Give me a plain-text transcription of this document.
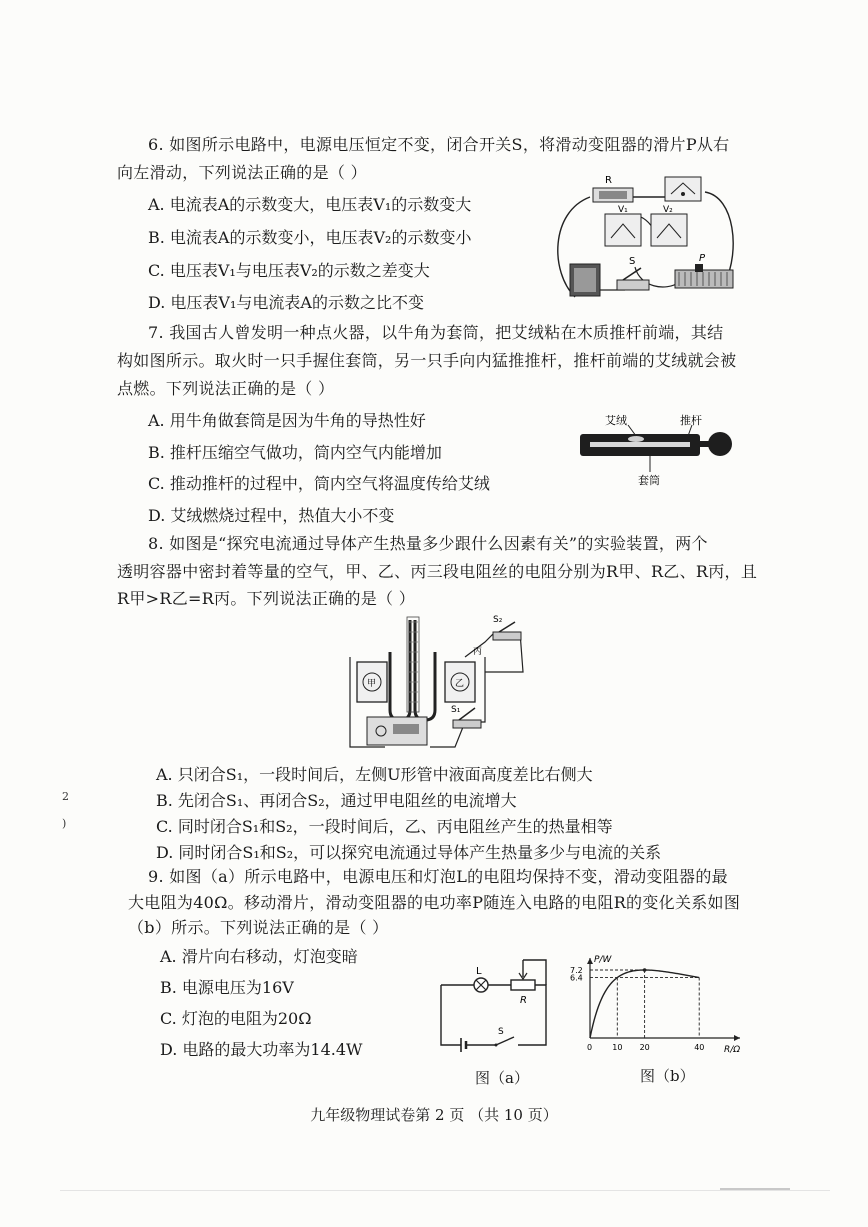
6. 如图所示电路中，电源电压恒定不变，闭合开关S，将滑动变阻器的滑片P从右
向左滑动，下列说法正确的是（ ）
A. 电流表A的示数变大，电压表V₁的示数变大
B. 电流表A的示数变小，电压表V₂的示数变小
C. 电压表V₁与电压表V₂的示数之差变大
D. 电压表V₁与电流表A的示数之比不变
R
V₁	V₂
S	P
7. 我国古人曾发明一种点火器，以牛角为套筒，把艾绒粘在木质推杆前端，其结
构如图所示。取火时一只手握住套筒，另一只手向内猛推推杆，推杆前端的艾绒就会被
点燃。下列说法正确的是（ ）
A. 用牛角做套筒是因为牛角的导热性好
B. 推杆压缩空气做功，筒内空气内能增加
C. 推动推杆的过程中，筒内空气将温度传给艾绒
D. 艾绒燃烧过程中，热值大小不变
艾绒	推杆
套筒
8. 如图是“探究电流通过导体产生热量多少跟什么因素有关”的实验装置，两个
透明容器中密封着等量的空气，甲、乙、丙三段电阻丝的电阻分别为R甲、R乙、R丙，且
R甲>R乙=R丙。下列说法正确的是（ ）
甲	乙
S₁
S₂
丙
A. 只闭合S₁，一段时间后，左侧U形管中液面高度差比右侧大
B. 先闭合S₁、再闭合S₂，通过甲电阻丝的电流增大
C. 同时闭合S₁和S₂，一段时间后，乙、丙电阻丝产生的热量相等
D. 同时闭合S₁和S₂，可以探究电流通过导体产生热量多少与电流的关系
2
)
9. 如图（a）所示电路中，电源电压和灯泡L的电阻均保持不变，滑动变阻器的最
大电阻为40Ω。移动滑片，滑动变阻器的电功率P随连入电路的电阻R的变化关系如图
（b）所示。下列说法正确的是（ ）
A. 滑片向右移动，灯泡变暗
B. 电源电压为16V
C. 灯泡的电阻为20Ω
D. 电路的最大功率为14.4W
L
R
S
图（a）
P/W
R/Ω
7.2
6.4
0	10 20	40
图（b）
九年级物理试卷第 2 页 （共 10 页）
